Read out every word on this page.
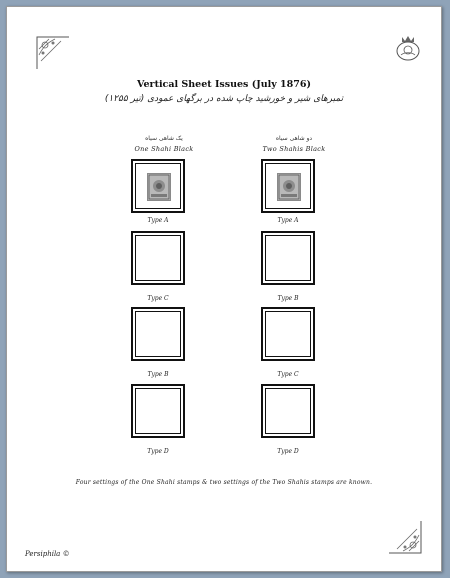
Vertical Sheet Issues (July 1876)
تمبرهای شیر و خورشید چاپ شده در برگهای عمودی (تیر ۱۲۵۵)
یک شاهی سیاه
One Shahi Black
دو شاهی سیاه
Two Shahis Black
Type A	Type A
Type C	Type B
Type B	Type C
Type D	Type D
Four settings of the One Shahi stamps & two settings of the Two Shahis stamps are known.
Persiphila ©
